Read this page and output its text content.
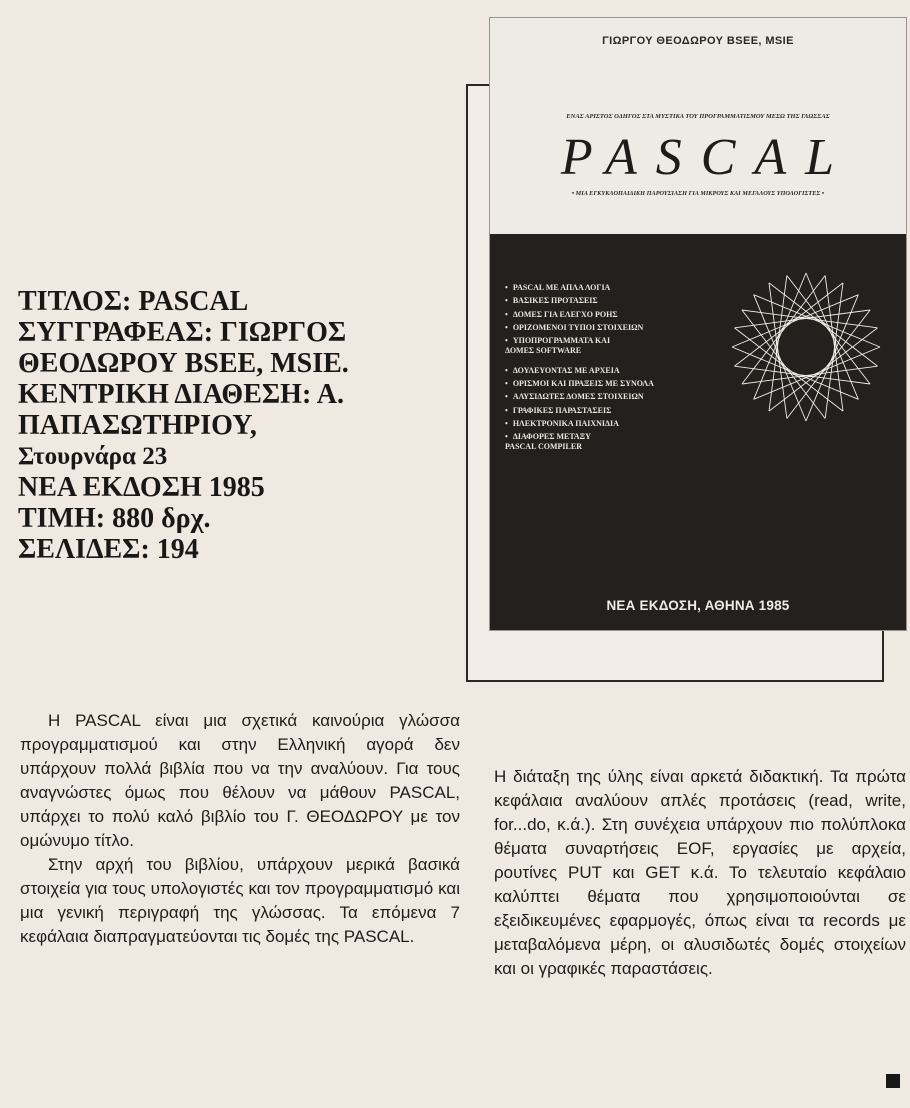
ΤΙΤΛΟΣ: PASCAL
ΣΥΓΓΡΑΦΕΑΣ: ΓΙΩΡΓΟΣ
ΘΕΟΔΩΡΟΥ BSEE, MSIE.
ΚΕΝΤΡΙΚΗ ΔΙΑΘΕΣΗ: Α.
ΠΑΠΑΣΩΤΗΡΙΟΥ,
Στουρνάρα 23
ΝΕΑ ΕΚΔΟΣΗ 1985
ΤΙΜΗ: 880 δρχ.
ΣΕΛΙΔΕΣ: 194
ΓΙΩΡΓΟΥ ΘΕΟΔΩΡΟΥ BSEE, MSIE
ΕΝΑΣ ΑΡΙΣΤΟΣ ΟΔΗΓΟΣ ΣΤΑ ΜΥΣΤΙΚΑ ΤΟΥ ΠΡΟΓΡΑΜΜΑΤΙΣΜΟΥ ΜΕΣΩ ΤΗΣ ΓΛΩΣΣΑΣ
PASCAL
• ΜΙΑ ΕΓΚΥΚΛΟΠΑΙΔΙΚΗ ΠΑΡΟΥΣΙΑΣΗ ΓΙΑ ΜΙΚΡΟΥΣ ΚΑΙ ΜΕΓΑΛΟΥΣ ΥΠΟΛΟΓΙΣΤΕΣ •
• PASCAL ΜΕ ΑΠΛΑ ΛΟΓΙΑ
• ΒΑΣΙΚΕΣ ΠΡΟΤΑΣΕΙΣ
• ΔΟΜΕΣ ΓΙΑ ΕΛΕΓΧΟ ΡΟΗΣ
• ΟΡΙΖΟΜΕΝΟΙ ΤΥΠΟΙ ΣΤΟΙΧΕΙΩΝ
• ΥΠΟΠΡΟΓΡΑΜΜΑΤΑ ΚΑΙ ΔΟΜΕΣ SOFTWARE
• ΔΟΥΛΕΥΟΝΤΑΣ ΜΕ ΑΡΧΕΙΑ
• ΟΡΙΣΜΟΙ ΚΑΙ ΠΡΑΞΕΙΣ ΜΕ ΣΥΝΟΛΑ
• ΑΛΥΣΙΔΩΤΕΣ ΔΟΜΕΣ ΣΤΟΙΧΕΙΩΝ
• ΓΡΑΦΙΚΕΣ ΠΑΡΑΣΤΑΣΕΙΣ
• ΗΛΕΚΤΡΟΝΙΚΑ ΠΑΙΧΝΙΔΙΑ
• ΔΙΑΦΟΡΕΣ ΜΕΤΑΞΥ PASCAL COMPILER
ΝΕΑ ΕΚΔΟΣΗ, ΑΘΗΝΑ 1985

Η PASCAL είναι μια σχετικά καινούρια γλώσσα προγραμματισμού και στην Ελληνική αγορά δεν υπάρχουν πολλά βιβλία που να την αναλύουν. Για τους αναγνώστες όμως που θέλουν να μάθουν PASCAL, υπάρχει το πολύ καλό βιβλίο του Γ. ΘΕΟΔΩΡΟΥ με τον ομώνυμο τίτλο.

Στην αρχή του βιβλίου, υπάρχουν μερικά βασικά στοιχεία για τους υπολογιστές και τον προγραμματισμό και μια γενική περιγραφή της γλώσσας. Τα επόμενα 7 κεφάλαια διαπραγματεύονται τις δομές της PASCAL.

Η διάταξη της ύλης είναι αρκετά διδακτική. Τα πρώτα κεφάλαια αναλύουν απλές προτάσεις (read, write, for...do, κ.ά.). Στη συνέχεια υπάρχουν πιο πολύπλοκα θέματα συναρτήσεις EOF, εργασίες με αρχεία, ρουτίνες PUT και GET κ.ά. Το τελευταίο κεφάλαιο καλύπτει θέματα που χρησιμοποιούνται σε εξειδικευμένες εφαρμογές, όπως είναι τα records με μεταβαλόμενα μέρη, οι αλυσιδωτές δομές στοιχείων και οι γραφικές παραστάσεις.
